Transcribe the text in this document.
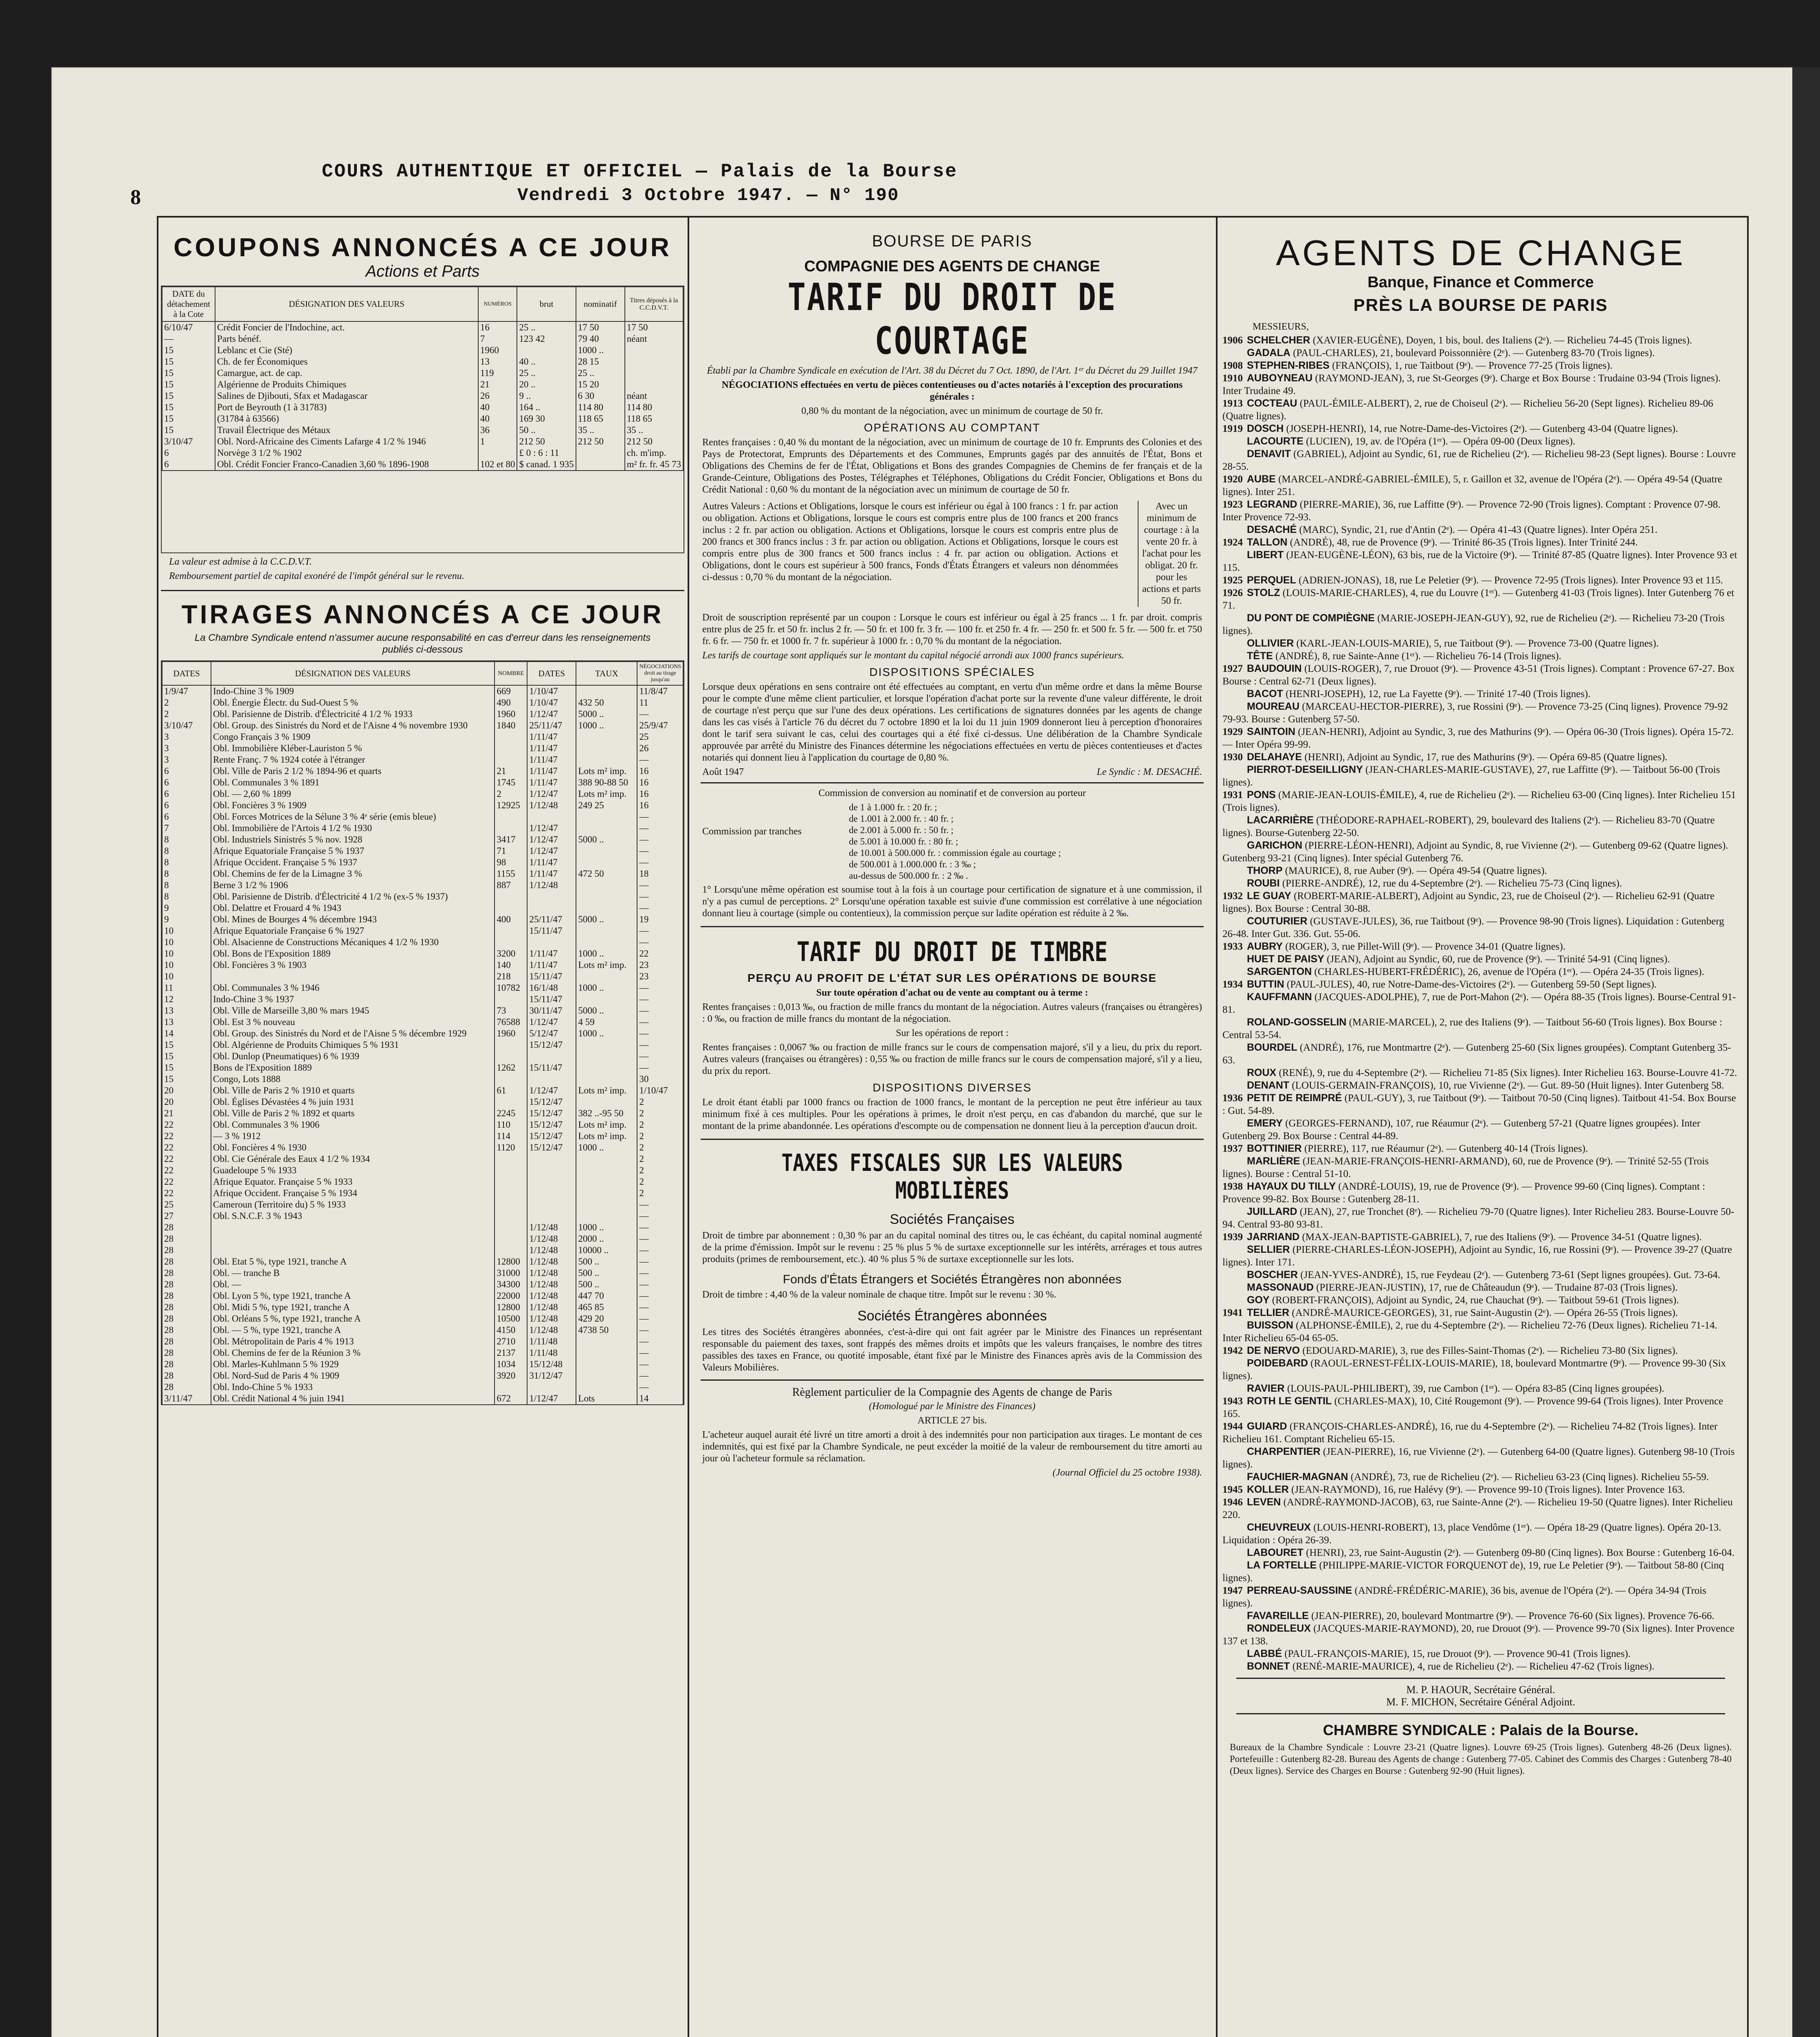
8
COURS AUTHENTIQUE ET OFFICIEL — Palais de la Bourse
Vendredi 3 Octobre 1947. — N° 190
COUPONS ANNONCÉS A CE JOUR
Actions et Parts
DATE du détachement à la Cote	DÉSIGNATION DES VALEURS	NUMÉROS	brut	nominatif	Titres déposés à la C.C.D.V.T.
6/10/47	Crédit Foncier de l'Indochine, act.	16	25 ..	17 50	17 50
—	Parts bénéf.	7	123 42	79 40	néant
15	Leblanc et Cie (Sté)	1960		1000 ..	
15	Ch. de fer Économiques	13	40 ..	28 15	
15	Camargue, act. de cap.	119	25 ..	25 ..	
15	Algérienne de Produits Chimiques	21	20 ..	15 20	
15	Salines de Djibouti, Sfax et Madagascar	26	9 ..	6 30	néant
15	Port de Beyrouth (1 à 31783)	40	164 ..	114 80	114 80
15	(31784 à 63566)	40	169 30	118 65	118 65
15	Travail Électrique des Métaux	36	50 ..	35 ..	35 ..
3/10/47	Obl. Nord-Africaine des Ciments Lafarge 4 1/2 % 1946	1	212 50	212 50	212 50
6	Norvège 3 1/2 % 1902		£ 0 : 6 : 11		ch. m'imp.
6	Obl. Crédit Foncier Franco-Canadien 3,60 % 1896-1908	102 et 80	$ canad. 1 935		m² fr. fr. 45 73
La valeur est admise à la C.C.D.V.T.
Remboursement partiel de capital exonéré de l'impôt général sur le revenu.
TIRAGES ANNONCÉS A CE JOUR
La Chambre Syndicale entend n'assumer aucune responsabilité en cas d'erreur dans les renseignements publiés ci-dessous
DATES	DÉSIGNATION DES VALEURS	NOMBRE	DATES	TAUX	NÉGOCIATIONS droit au tirage jusqu'au
1/9/47	Indo-Chine 3 % 1909	669	1/10/47		11/8/47
2	Obl. Énergie Électr. du Sud-Ouest 5 %	490	1/10/47	432 50	11
2	Obl. Parisienne de Distrib. d'Électricité 4 1/2 % 1933	1960	1/12/47	5000 ..	—
3/10/47	Obl. Group. des Sinistrés du Nord et de l'Aisne 4 % novembre 1930	1840	25/11/47	1000 ..	25/9/47
3	Congo Français 3 % 1909		1/11/47		25
3	Obl. Immobilière Kléber-Lauriston 5 %		1/11/47		26
3	Rente Franç. 7 % 1924 cotée à l'étranger		1/11/47		—
6	Obl. Ville de Paris 2 1/2 % 1894-96 et quarts	21	1/11/47	Lots m² imp.	16
6	Obl. Communales 3 % 1891	1745	1/11/47	388 90-88 50	16
6	Obl. — 2,60 % 1899	2	1/12/47	Lots m² imp.	16
6	Obl. Foncières 3 % 1909	12925	1/12/48	249 25	16
6	Obl. Forces Motrices de la Sélune 3 % 4ᵉ série (emis bleue)				—
7	Obl. Immobilière de l'Artois 4 1/2 % 1930		1/12/47		—
8	Obl. Industriels Sinistrés 5 % nov. 1928	3417	1/12/47	5000 ..	—
8	Afrique Equatoriale Française 5 % 1937	71	1/12/47		—
8	Afrique Occident. Française 5 % 1937	98	1/11/47		—
8	Obl. Chemins de fer de la Limagne 3 %	1155	1/11/47	472 50	18
8	Berne 3 1/2 % 1906	887	1/12/48		—
8	Obl. Parisienne de Distrib. d'Électricité 4 1/2 % (ex-5 % 1937)				—
9	Obl. Delattre et Frouard 4 % 1943				—
9	Obl. Mines de Bourges 4 % décembre 1943	400	25/11/47	5000 ..	19
10	Afrique Equatoriale Française 6 % 1927		15/11/47		—
10	Obl. Alsacienne de Constructions Mécaniques 4 1/2 % 1930				—
10	Obl. Bons de l'Exposition 1889	3200	1/11/47	1000 ..	22
10	Obl. Foncières 3 % 1903	140	1/11/47	Lots m² imp.	23
10		218	15/11/47		23
11	Obl. Communales 3 % 1946	10782	16/1/48	1000 ..	—
12	Indo-Chine 3 % 1937		15/11/47		—
13	Obl. Ville de Marseille 3,80 % mars 1945	73	30/11/47	5000 ..	—
13	Obl. Est 3 % nouveau	76588	1/12/47	4 59	—
14	Obl. Group. des Sinistrés du Nord et de l'Aisne 5 % décembre 1929	1960	5/12/47	1000 ..	—
15	Obl. Algérienne de Produits Chimiques 5 % 1931		15/12/47		—
15	Obl. Dunlop (Pneumatiques) 6 % 1939				—
15	Bons de l'Exposition 1889	1262	15/11/47		—
15	Congo, Lots 1888				30
20	Obl. Ville de Paris 2 % 1910 et quarts	61	1/12/47	Lots m² imp.	1/10/47
20	Obl. Églises Dévastées 4 % juin 1931		15/12/47		2
21	Obl. Ville de Paris 2 % 1892 et quarts	2245	15/12/47	382 ..-95 50	2
22	Obl. Communales 3 % 1906	110	15/12/47	Lots m² imp.	2
22	— 3 % 1912	114	15/12/47	Lots m² imp.	2
22	Obl. Foncières 4 % 1930	1120	15/12/47	1000 ..	2
22	Obl. Cie Générale des Eaux 4 1/2 % 1934				2
22	Guadeloupe 5 % 1933				2
22	Afrique Equator. Française 5 % 1933				2
22	Afrique Occident. Française 5 % 1934				2
25	Cameroun (Territoire du) 5 % 1933				—
27	Obl. S.N.C.F. 3 % 1943				—
28			1/12/48	1000 ..	—
28			1/12/48	2000 ..	—
28			1/12/48	10000 ..	—
28	Obl. Etat 5 %, type 1921, tranche A	12800	1/12/48	500 ..	—
28	Obl. — tranche B	31000	1/12/48	500 ..	—
28	Obl. —	34300	1/12/48	500 ..	—
28	Obl. Lyon 5 %, type 1921, tranche A	22000	1/12/48	447 70	—
28	Obl. Midi 5 %, type 1921, tranche A	12800	1/12/48	465 85	—
28	Obl. Orléans 5 %, type 1921, tranche A	10500	1/12/48	429 20	—
28	Obl. — 5 %, type 1921, tranche A	4150	1/12/48	4738 50	—
28	Obl. Métropolitain de Paris 4 % 1913	2710	1/11/48		—
28	Obl. Chemins de fer de la Réunion 3 %	2137	1/11/48		—
28	Obl. Marles-Kuhlmann 5 % 1929	1034	15/12/48		—
28	Obl. Nord-Sud de Paris 4 % 1909	3920	31/12/47		—
28	Obl. Indo-Chine 5 % 1933				—
3/11/47	Obl. Crédit National 4 % juin 1941	672	1/12/47	Lots	14
BOURSE DE PARIS
COMPAGNIE DES AGENTS DE CHANGE
TARIF DU DROIT DE COURTAGE
Établi par la Chambre Syndicale en exécution de l'Art. 38 du Décret du 7 Oct. 1890, de l'Art. 1ᵉʳ du Décret du 29 Juillet 1947
NÉGOCIATIONS effectuées en vertu de pièces contentieuses ou d'actes notariés à l'exception des procurations générales :
0,80 % du montant de la négociation, avec un minimum de courtage de 50 fr.
OPÉRATIONS AU COMPTANT
Rentes françaises : 0,40 % du montant de la négociation, avec un minimum de courtage de 10 fr. Emprunts des Colonies et des Pays de Protectorat, Emprunts des Départements et des Communes, Emprunts gagés par des annuités de l'État, Bons et Obligations des Chemins de fer de l'État, Obligations et Bons des grandes Compagnies de Chemins de fer français et de la Grande-Ceinture, Obligations des Postes, Télégraphes et Téléphones, Obligations du Crédit Foncier, Obligations et Bons du Crédit National : 0,60 % du montant de la négociation avec un minimum de courtage de 50 fr.
Autres Valeurs : Actions et Obligations, lorsque le cours est inférieur ou égal à 100 francs : 1 fr. par action ou obligation. Actions et Obligations, lorsque le cours est compris entre plus de 100 francs et 200 francs inclus : 2 fr. par action ou obligation. Actions et Obligations, lorsque le cours est compris entre plus de 200 francs et 300 francs inclus : 3 fr. par action ou obligation. Actions et Obligations, lorsque le cours est compris entre plus de 300 francs et 500 francs inclus : 4 fr. par action ou obligation. Actions et Obligations, dont le cours est supérieur à 500 francs, Fonds d'États Étrangers et valeurs non dénommées ci-dessus : 0,70 % du montant de la négociation.
Avec un minimum de courtage : à la vente 20 fr. à l'achat pour les obligat. 20 fr. pour les actions et parts 50 fr.
Droit de souscription représenté par un coupon : Lorsque le cours est inférieur ou égal à 25 francs ... 1 fr. par droit. compris entre plus de 25 fr. et 50 fr. inclus 2 fr. — 50 fr. et 100 fr. 3 fr. — 100 fr. et 250 fr. 4 fr. — 250 fr. et 500 fr. 5 fr. — 500 fr. et 750 fr. 6 fr. — 750 fr. et 1000 fr. 7 fr. supérieur à 1000 fr. : 0,70 % du montant de la négociation.
Les tarifs de courtage sont appliqués sur le montant du capital négocié arrondi aux 1000 francs supérieurs.
DISPOSITIONS SPÉCIALES
Lorsque deux opérations en sens contraire ont été effectuées au comptant, en vertu d'un même ordre et dans la même Bourse pour le compte d'une même client particulier, et lorsque l'opération d'achat porte sur la revente d'une valeur différente, le droit de courtage n'est perçu que sur l'une des deux opérations. Les certifications de signatures données par les agents de change dans les cas visés à l'article 76 du décret du 7 octobre 1890 et la loi du 11 juin 1909 donneront lieu à perception d'honoraires dont le tarif sera suivant le cas, celui des courtages qui a été fixé ci-dessus. Une délibération de la Chambre Syndicale approuvée par arrêté du Ministre des Finances détermine les négociations effectuées en vertu de pièces contentieuses et d'actes notariés qui donnent lieu à l'application du courtage de 0,80 %.
Août 1947	Le Syndic : M. DESACHÉ.
Commission de conversion au nominatif et de conversion au porteur
Commission par tranches
de 1 à 1.000 fr. : 20 fr. ;
de 1.001 à 2.000 fr. : 40 fr. ;
de 2.001 à 5.000 fr. : 50 fr. ;
de 5.001 à 10.000 fr. : 80 fr. ;
de 10.001 à 500.000 fr. : commission égale au courtage ;
de 500.001 à 1.000.000 fr. : 3 ‰ ;
au-dessus de 500.000 fr. : 2 ‰ .
1° Lorsqu'une même opération est soumise tout à la fois à un courtage pour certification de signature et à une commission, il n'y a pas cumul de perceptions. 2° Lorsqu'une opération taxable est suivie d'une commission est corrélative à une négociation donnant lieu à courtage (simple ou contentieux), la commission perçue sur ladite opération est réduite à 2 ‰.
TARIF DU DROIT DE TIMBRE
PERÇU AU PROFIT DE L'ÉTAT SUR LES OPÉRATIONS DE BOURSE
Sur toute opération d'achat ou de vente au comptant ou à terme :
Rentes françaises : 0,013 ‰, ou fraction de mille francs du montant de la négociation. Autres valeurs (françaises ou étrangères) : 0 ‰, ou fraction de mille francs du montant de la négociation.
Sur les opérations de report :
Rentes françaises : 0,0067 ‰ ou fraction de mille francs sur le cours de compensation majoré, s'il y a lieu, du prix du report. Autres valeurs (françaises ou étrangères) : 0,55 ‰ ou fraction de mille francs sur le cours de compensation majoré, s'il y a lieu, du prix du report.
DISPOSITIONS DIVERSES
Le droit étant établi par 1000 francs ou fraction de 1000 francs, le montant de la perception ne peut être inférieur au taux minimum fixé à ces multiples. Pour les opérations à primes, le droit n'est perçu, en cas d'abandon du marché, que sur le montant de la prime abandonnée. Les opérations d'escompte ou de compensation ne donnent lieu à la perception d'aucun droit.
TAXES FISCALES SUR LES VALEURS MOBILIÈRES
Sociétés Françaises
Droit de timbre par abonnement : 0,30 % par an du capital nominal des titres ou, le cas échéant, du capital nominal augmenté de la prime d'émission. Impôt sur le revenu : 25 % plus 5 % de surtaxe exceptionnelle sur les intérêts, arrérages et tous autres produits (primes de remboursement, etc.). 40 % plus 5 % de surtaxe exceptionnelle sur les lots.
Fonds d'États Étrangers et Sociétés Étrangères non abonnées
Droit de timbre : 4,40 % de la valeur nominale de chaque titre. Impôt sur le revenu : 30 %.
Sociétés Étrangères abonnées
Les titres des Sociétés étrangères abonnées, c'est-à-dire qui ont fait agréer par le Ministre des Finances un représentant responsable du paiement des taxes, sont frappés des mêmes droits et impôts que les valeurs françaises, le nombre des titres passibles des taxes en France, ou quotité imposable, étant fixé par le Ministre des Finances après avis de la Commission des Valeurs Mobilières.
Règlement particulier de la Compagnie des Agents de change de Paris
(Homologué par le Ministre des Finances)
ARTICLE 27 bis.
L'acheteur auquel aurait été livré un titre amorti a droit à des indemnités pour non participation aux tirages. Le montant de ces indemnités, qui est fixé par la Chambre Syndicale, ne peut excéder la moitié de la valeur de remboursement du titre amorti au jour où l'acheteur formule sa réclamation.
(Journal Officiel du 25 octobre 1938).
AGENTS DE CHANGE
Banque, Finance et Commerce
PRÈS LA BOURSE DE PARIS
MESSIEURS,
1906 SCHELCHER (XAVIER-EUGÈNE), Doyen, 1 bis, boul. des Italiens (2ᵉ). — Richelieu 74-45 (Trois lignes).
GADALA (PAUL-CHARLES), 21, boulevard Poissonnière (2ᵉ). — Gutenberg 83-70 (Trois lignes).
1908 STEPHEN-RIBES (FRANÇOIS), 1, rue Taitbout (9ᵉ). — Provence 77-25 (Trois lignes).
1910 AUBOYNEAU (RAYMOND-JEAN), 3, rue St-Georges (9ᵉ). Charge et Box Bourse : Trudaine 03-94 (Trois lignes). Inter Trudaine 49.
1913 COCTEAU (PAUL-ÉMILE-ALBERT), 2, rue de Choiseul (2ᵉ). — Richelieu 56-20 (Sept lignes). Richelieu 89-06 (Quatre lignes).
1919 DOSCH (JOSEPH-HENRI), 14, rue Notre-Dame-des-Victoires (2ᵉ). — Gutenberg 43-04 (Quatre lignes).
LACOURTE (LUCIEN), 19, av. de l'Opéra (1ᵉʳ). — Opéra 09-00 (Deux lignes).
DENAVIT (GABRIEL), Adjoint au Syndic, 61, rue de Richelieu (2ᵉ). — Richelieu 98-23 (Sept lignes). Bourse : Louvre 28-55.
1920 AUBE (MARCEL-ANDRÉ-GABRIEL-ÉMILE), 5, r. Gaillon et 32, avenue de l'Opéra (2ᵉ). — Opéra 49-54 (Quatre lignes). Inter 251.
1923 LEGRAND (PIERRE-MARIE), 36, rue Laffitte (9ᵉ). — Provence 72-90 (Trois lignes). Comptant : Provence 07-98. Inter Provence 72-93.
DESACHÉ (MARC), Syndic, 21, rue d'Antin (2ᵉ). — Opéra 41-43 (Quatre lignes). Inter Opéra 251.
1924 TALLON (ANDRÉ), 48, rue de Provence (9ᵉ). — Trinité 86-35 (Trois lignes). Inter Trinité 244.
LIBERT (JEAN-EUGÈNE-LÉON), 63 bis, rue de la Victoire (9ᵉ). — Trinité 87-85 (Quatre lignes). Inter Provence 93 et 115.
1925 PERQUEL (ADRIEN-JONAS), 18, rue Le Peletier (9ᵉ). — Provence 72-95 (Trois lignes). Inter Provence 93 et 115.
1926 STOLZ (LOUIS-MARIE-CHARLES), 4, rue du Louvre (1ᵉʳ). — Gutenberg 41-03 (Trois lignes). Inter Gutenberg 76 et 71.
DU PONT DE COMPIÈGNE (MARIE-JOSEPH-JEAN-GUY), 92, rue de Richelieu (2ᵉ). — Richelieu 73-20 (Trois lignes).
OLLIVIER (KARL-JEAN-LOUIS-MARIE), 5, rue Taitbout (9ᵉ). — Provence 73-00 (Quatre lignes).
TÊTE (ANDRÉ), 8, rue Sainte-Anne (1ᵉʳ). — Richelieu 76-14 (Trois lignes).
1927 BAUDOUIN (LOUIS-ROGER), 7, rue Drouot (9ᵉ). — Provence 43-51 (Trois lignes). Comptant : Provence 67-27. Box Bourse : Central 62-71 (Deux lignes).
BACOT (HENRI-JOSEPH), 12, rue La Fayette (9ᵉ). — Trinité 17-40 (Trois lignes).
MOUREAU (MARCEAU-HECTOR-PIERRE), 3, rue Rossini (9ᵉ). — Provence 73-25 (Cinq lignes). Provence 79-92 79-93. Bourse : Gutenberg 57-50.
1929 SAINTOIN (JEAN-HENRI), Adjoint au Syndic, 3, rue des Mathurins (9ᵉ). — Opéra 06-30 (Trois lignes). Opéra 15-72. — Inter Opéra 99-99.
1930 DELAHAYE (HENRI), Adjoint au Syndic, 17, rue des Mathurins (9ᵉ). — Opéra 69-85 (Quatre lignes).
PIERROT-DESEILLIGNY (JEAN-CHARLES-MARIE-GUSTAVE), 27, rue Laffitte (9ᵉ). — Taitbout 56-00 (Trois lignes).
1931 PONS (MARIE-JEAN-LOUIS-ÉMILE), 4, rue de Richelieu (2ᵉ). — Richelieu 63-00 (Cinq lignes). Inter Richelieu 151 (Trois lignes).
LACARRIÈRE (THÉODORE-RAPHAEL-ROBERT), 29, boulevard des Italiens (2ᵉ). — Richelieu 83-70 (Quatre lignes). Bourse-Gutenberg 22-50.
GARICHON (PIERRE-LÉON-HENRI), Adjoint au Syndic, 8, rue Vivienne (2ᵉ). — Gutenberg 09-62 (Quatre lignes). Gutenberg 93-21 (Cinq lignes). Inter spécial Gutenberg 76.
THORP (MAURICE), 8, rue Auber (9ᵉ). — Opéra 49-54 (Quatre lignes).
ROUBI (PIERRE-ANDRÉ), 12, rue du 4-Septembre (2ᵉ). — Richelieu 75-73 (Cinq lignes).
1932 LE GUAY (ROBERT-MARIE-ALBERT), Adjoint au Syndic, 23, rue de Choiseul (2ᵉ). — Richelieu 62-91 (Quatre lignes). Box Bourse : Central 30-88.
COUTURIER (GUSTAVE-JULES), 36, rue Taitbout (9ᵉ). — Provence 98-90 (Trois lignes). Liquidation : Gutenberg 26-48. Inter Gut. 336. Gut. 55-06.
1933 AUBRY (ROGER), 3, rue Pillet-Will (9ᵉ). — Provence 34-01 (Quatre lignes).
HUET DE PAISY (JEAN), Adjoint au Syndic, 60, rue de Provence (9ᵉ). — Trinité 54-91 (Cinq lignes).
SARGENTON (CHARLES-HUBERT-FRÉDÉRIC), 26, avenue de l'Opéra (1ᵉʳ). — Opéra 24-35 (Trois lignes).
1934 BUTTIN (PAUL-JULES), 40, rue Notre-Dame-des-Victoires (2ᵉ). — Gutenberg 59-50 (Sept lignes).
KAUFFMANN (JACQUES-ADOLPHE), 7, rue de Port-Mahon (2ᵉ). — Opéra 88-35 (Trois lignes). Bourse-Central 91-81.
ROLAND-GOSSELIN (MARIE-MARCEL), 2, rue des Italiens (9ᵉ). — Taitbout 56-60 (Trois lignes). Box Bourse : Central 53-54.
BOURDEL (ANDRÉ), 176, rue Montmartre (2ᵉ). — Gutenberg 25-60 (Six lignes groupées). Comptant Gutenberg 35-63.
ROUX (RENÉ), 9, rue du 4-Septembre (2ᵉ). — Richelieu 71-85 (Six lignes). Inter Richelieu 163. Bourse-Louvre 41-72.
DENANT (LOUIS-GERMAIN-FRANÇOIS), 10, rue Vivienne (2ᵉ). — Gut. 89-50 (Huit lignes). Inter Gutenberg 58.
1936 PETIT DE REIMPRÉ (PAUL-GUY), 3, rue Taitbout (9ᵉ). — Taitbout 70-50 (Cinq lignes). Taitbout 41-54. Box Bourse : Gut. 54-89.
EMERY (GEORGES-FERNAND), 107, rue Réaumur (2ᵉ). — Gutenberg 57-21 (Quatre lignes groupées). Inter Gutenberg 29. Box Bourse : Central 44-89.
1937 BOTTINIER (PIERRE), 117, rue Réaumur (2ᵉ). — Gutenberg 40-14 (Trois lignes).
MARLIÈRE (JEAN-MARIE-FRANÇOIS-HENRI-ARMAND), 60, rue de Provence (9ᵉ). — Trinité 52-55 (Trois lignes). Bourse : Central 51-10.
1938 HAYAUX DU TILLY (ANDRÉ-LOUIS), 19, rue de Provence (9ᵉ). — Provence 99-60 (Cinq lignes). Comptant : Provence 99-82. Box Bourse : Gutenberg 28-11.
JUILLARD (JEAN), 27, rue Tronchet (8ᵉ). — Richelieu 79-70 (Quatre lignes). Inter Richelieu 283. Bourse-Louvre 50-94. Central 93-80 93-81.
1939 JARRIAND (MAX-JEAN-BAPTISTE-GABRIEL), 7, rue des Italiens (9ᵉ). — Provence 34-51 (Quatre lignes).
SELLIER (PIERRE-CHARLES-LÉON-JOSEPH), Adjoint au Syndic, 16, rue Rossini (9ᵉ). — Provence 39-27 (Quatre lignes). Inter 171.
BOSCHER (JEAN-YVES-ANDRÉ), 15, rue Feydeau (2ᵉ). — Gutenberg 73-61 (Sept lignes groupées). Gut. 73-64.
MASSONAUD (PIERRE-JEAN-JUSTIN), 17, rue de Châteaudun (9ᵉ). — Trudaine 87-03 (Trois lignes).
GOY (ROBERT-FRANÇOIS), Adjoint au Syndic, 24, rue Chauchat (9ᵉ). — Taitbout 59-61 (Trois lignes).
1941 TELLIER (ANDRÉ-MAURICE-GEORGES), 31, rue Saint-Augustin (2ᵉ). — Opéra 26-55 (Trois lignes).
BUISSON (ALPHONSE-ÉMILE), 2, rue du 4-Septembre (2ᵉ). — Richelieu 72-76 (Deux lignes). Richelieu 71-14. Inter Richelieu 65-04 65-05.
1942 DE NERVO (EDOUARD-MARIE), 3, rue des Filles-Saint-Thomas (2ᵉ). — Richelieu 73-80 (Six lignes).
POIDEBARD (RAOUL-ERNEST-FÉLIX-LOUIS-MARIE), 18, boulevard Montmartre (9ᵉ). — Provence 99-30 (Six lignes).
RAVIER (LOUIS-PAUL-PHILIBERT), 39, rue Cambon (1ᵉʳ). — Opéra 83-85 (Cinq lignes groupées).
1943 ROTH LE GENTIL (CHARLES-MAX), 10, Cité Rougemont (9ᵉ). — Provence 99-64 (Trois lignes). Inter Provence 165.
1944 GUIARD (FRANÇOIS-CHARLES-ANDRÉ), 16, rue du 4-Septembre (2ᵉ). — Richelieu 74-82 (Trois lignes). Inter Richelieu 161. Comptant Richelieu 65-15.
CHARPENTIER (JEAN-PIERRE), 16, rue Vivienne (2ᵉ). — Gutenberg 64-00 (Quatre lignes). Gutenberg 98-10 (Trois lignes).
FAUCHIER-MAGNAN (ANDRÉ), 73, rue de Richelieu (2ᵉ). — Richelieu 63-23 (Cinq lignes). Richelieu 55-59.
1945 KOLLER (JEAN-RAYMOND), 16, rue Halévy (9ᵉ). — Provence 99-10 (Trois lignes). Inter Provence 163.
1946 LEVEN (ANDRÉ-RAYMOND-JACOB), 63, rue Sainte-Anne (2ᵉ). — Richelieu 19-50 (Quatre lignes). Inter Richelieu 220.
CHEUVREUX (LOUIS-HENRI-ROBERT), 13, place Vendôme (1ᵉʳ). — Opéra 18-29 (Quatre lignes). Opéra 20-13. Liquidation : Opéra 26-39.
LABOURET (HENRI), 23, rue Saint-Augustin (2ᵉ). — Gutenberg 09-80 (Cinq lignes). Box Bourse : Gutenberg 16-04.
LA FORTELLE (PHILIPPE-MARIE-VICTOR FORQUENOT de), 19, rue Le Peletier (9ᵉ). — Taitbout 58-80 (Cinq lignes).
1947 PERREAU-SAUSSINE (ANDRÉ-FRÉDÉRIC-MARIE), 36 bis, avenue de l'Opéra (2ᵉ). — Opéra 34-94 (Trois lignes).
FAVAREILLE (JEAN-PIERRE), 20, boulevard Montmartre (9ᵉ). — Provence 76-60 (Six lignes). Provence 76-66.
RONDELEUX (JACQUES-MARIE-RAYMOND), 20, rue Drouot (9ᵉ). — Provence 99-70 (Six lignes). Inter Provence 137 et 138.
LABBÉ (PAUL-FRANÇOIS-MARIE), 15, rue Drouot (9ᵉ). — Provence 90-41 (Trois lignes).
BONNET (RENÉ-MARIE-MAURICE), 4, rue de Richelieu (2ᵉ). — Richelieu 47-62 (Trois lignes).
M. P. HAOUR, Secrétaire Général.
M. F. MICHON, Secrétaire Général Adjoint.
CHAMBRE SYNDICALE : Palais de la Bourse.
Bureaux de la Chambre Syndicale : Louvre 23-21 (Quatre lignes). Louvre 69-25 (Trois lignes). Gutenberg 48-26 (Deux lignes). Portefeuille : Gutenberg 82-28. Bureau des Agents de change : Gutenberg 77-05. Cabinet des Commis des Charges : Gutenberg 78-40 (Deux lignes). Service des Charges en Bourse : Gutenberg 92-90 (Huit lignes).
